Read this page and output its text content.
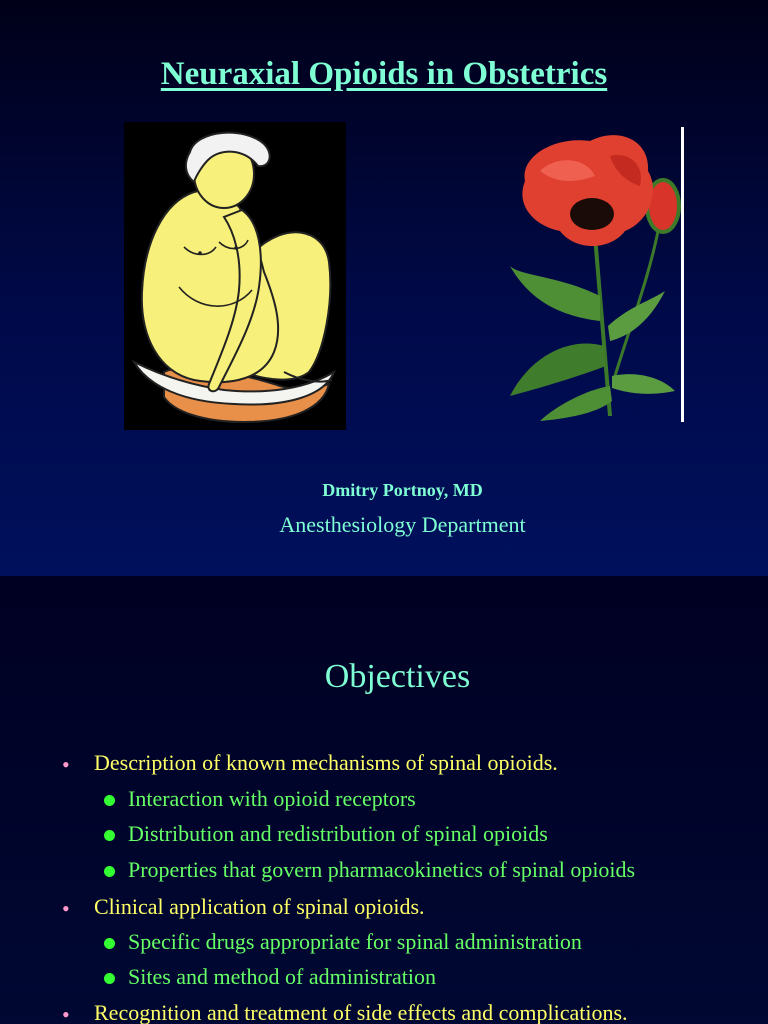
Neuraxial Opioids in Obstetrics
Dmitry Portnoy, MD
Anesthesiology Department
Objectives
• Description of known mechanisms of spinal opioids.
Interaction with opioid receptors
Distribution and redistribution of spinal opioids
Properties that govern pharmacokinetics of spinal opioids
• Clinical application of spinal opioids.
Specific drugs appropriate for spinal administration
Sites and method of administration
• Recognition and treatment of side effects and complications.
